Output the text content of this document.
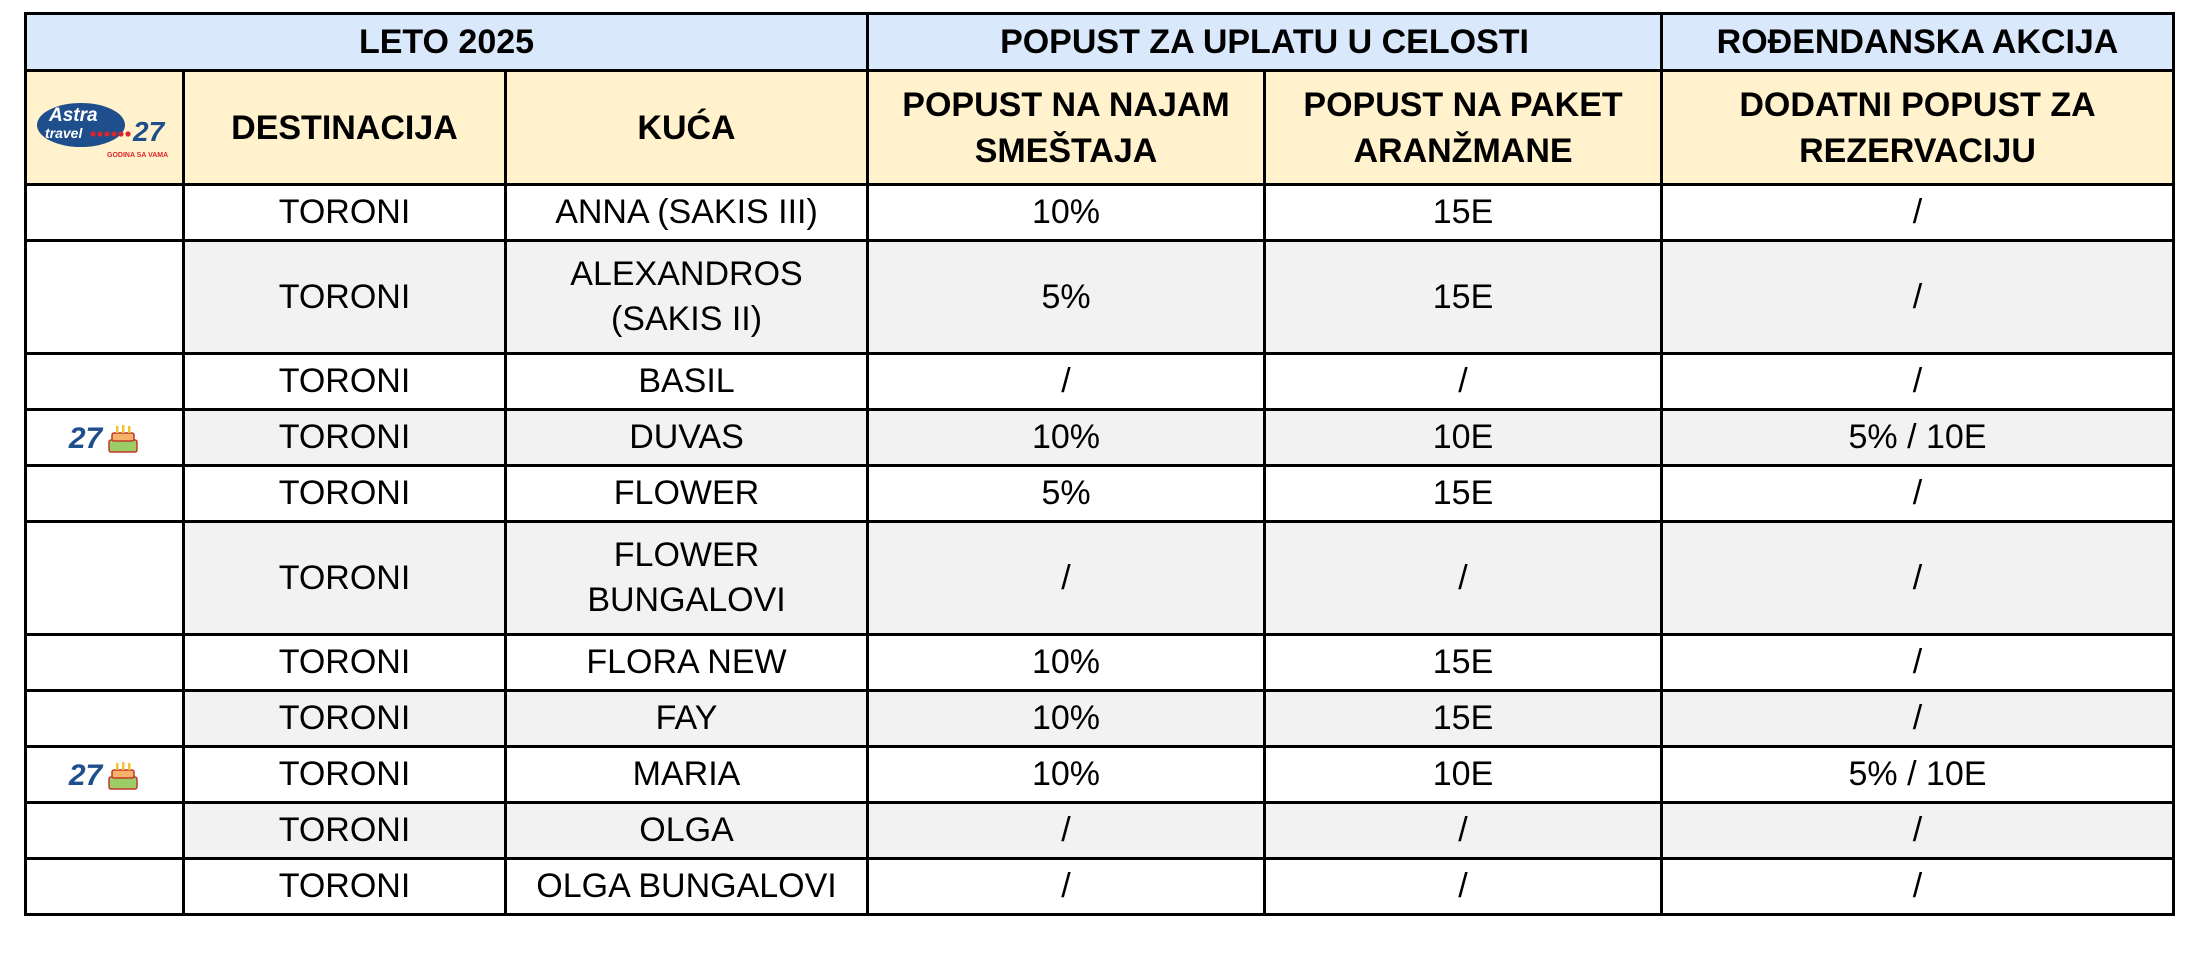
LETO 2025			POPUST ZA UPLATU U CELOSTI		ROĐENDANSKA AKCIJA

Astra
travel 27
GODINA SA VAMA	DESTINACIJA	KUĆA	POPUST NA NAJAM SMEŠTAJA	POPUST NA PAKET ARANŽMANE	DODATNI POPUST ZA REZERVACIJU
	TORONI	ANNA (SAKIS III)	10%	15E	/
	TORONI	ALEXANDROS (SAKIS II)	5%	15E	/
	TORONI	BASIL	/	/	/

27	TORONI	DUVAS	10%	10E	5% / 10E
	TORONI	FLOWER	5%	15E	/
	TORONI	FLOWER BUNGALOVI	/	/	/
	TORONI	FLORA NEW	10%	15E	/
	TORONI	FAY	10%	15E	/

27	TORONI	MARIA	10%	10E	5% / 10E
	TORONI	OLGA	/	/	/
	TORONI	OLGA BUNGALOVI	/	/	/
